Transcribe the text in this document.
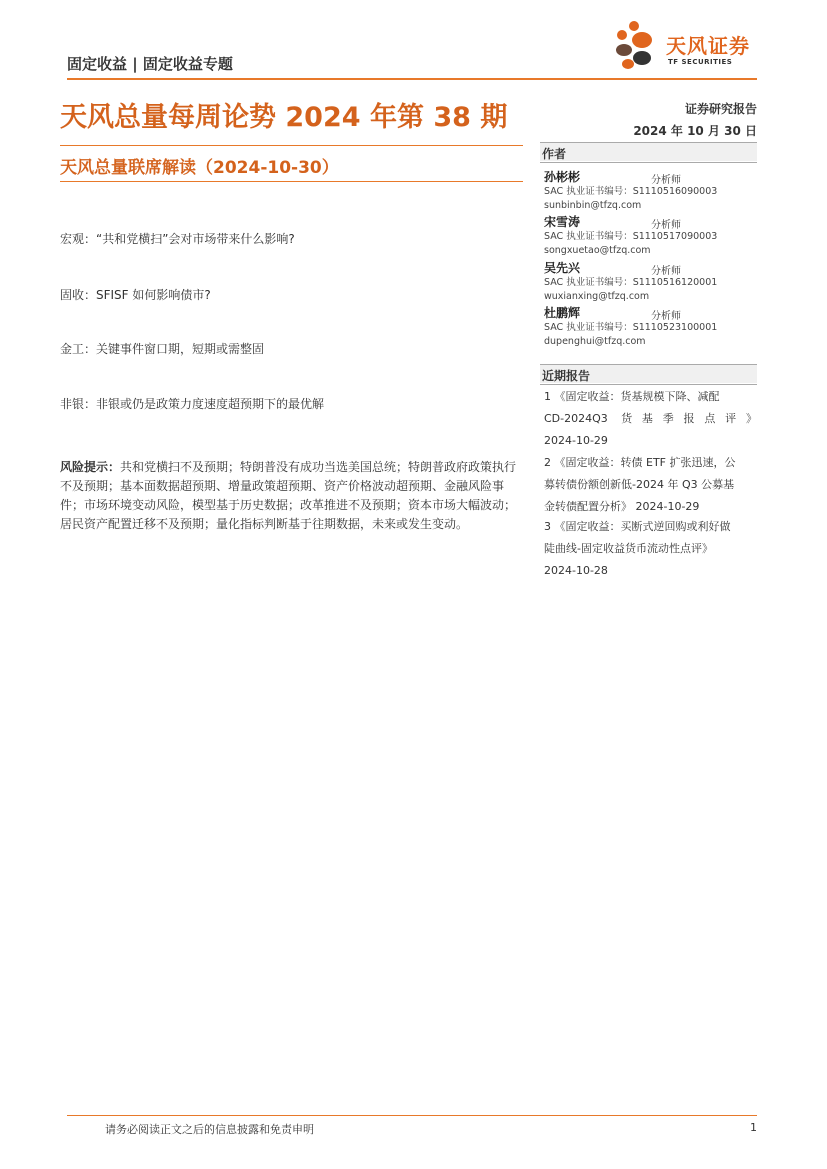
固定收益 | 固定收益专题
天风证券
TF SECURITIES
天风总量每周论势 2024 年第 38 期
天风总量联席解读（2024-10-30）
宏观：“共和党横扫”会对市场带来什么影响?
固收：SFISF 如何影响债市?
金工：关键事件窗口期，短期或需整固
非银：非银或仍是政策力度速度超预期下的最优解
风险提示：共和党横扫不及预期；特朗普没有成功当选美国总统；特朗普政府政策执行不及预期；基本面数据超预期、增量政策超预期、资产价格波动超预期、金融风险事件；市场环境变动风险，模型基于历史数据；改革推进不及预期；资本市场大幅波动；居民资产配置迁移不及预期；量化指标判断基于往期数据，未来或发生变动。
证券研究报告
2024 年 10 月 30 日
作者
孙彬彬	分析师
SAC 执业证书编号：S1110516090003
sunbinbin@tfzq.com
宋雪涛	分析师
SAC 执业证书编号：S1110517090003
songxuetao@tfzq.com
吴先兴	分析师
SAC 执业证书编号：S1110516120001
wuxianxing@tfzq.com
杜鹏辉	分析师
SAC 执业证书编号：S1110523100001
dupenghui@tfzq.com
近期报告
1 《固定收益：货基规模下降、减配
CD-2024Q3 货基季报点评》
2024-10-29
2 《固定收益：转债 ETF 扩张迅速，公
募转债份额创新低-2024 年 Q3 公募基
金转债配置分析》 2024-10-29
3 《固定收益：买断式逆回购或利好做
陡曲线-固定收益货币流动性点评》
2024-10-28
请务必阅读正文之后的信息披露和免责申明	1
